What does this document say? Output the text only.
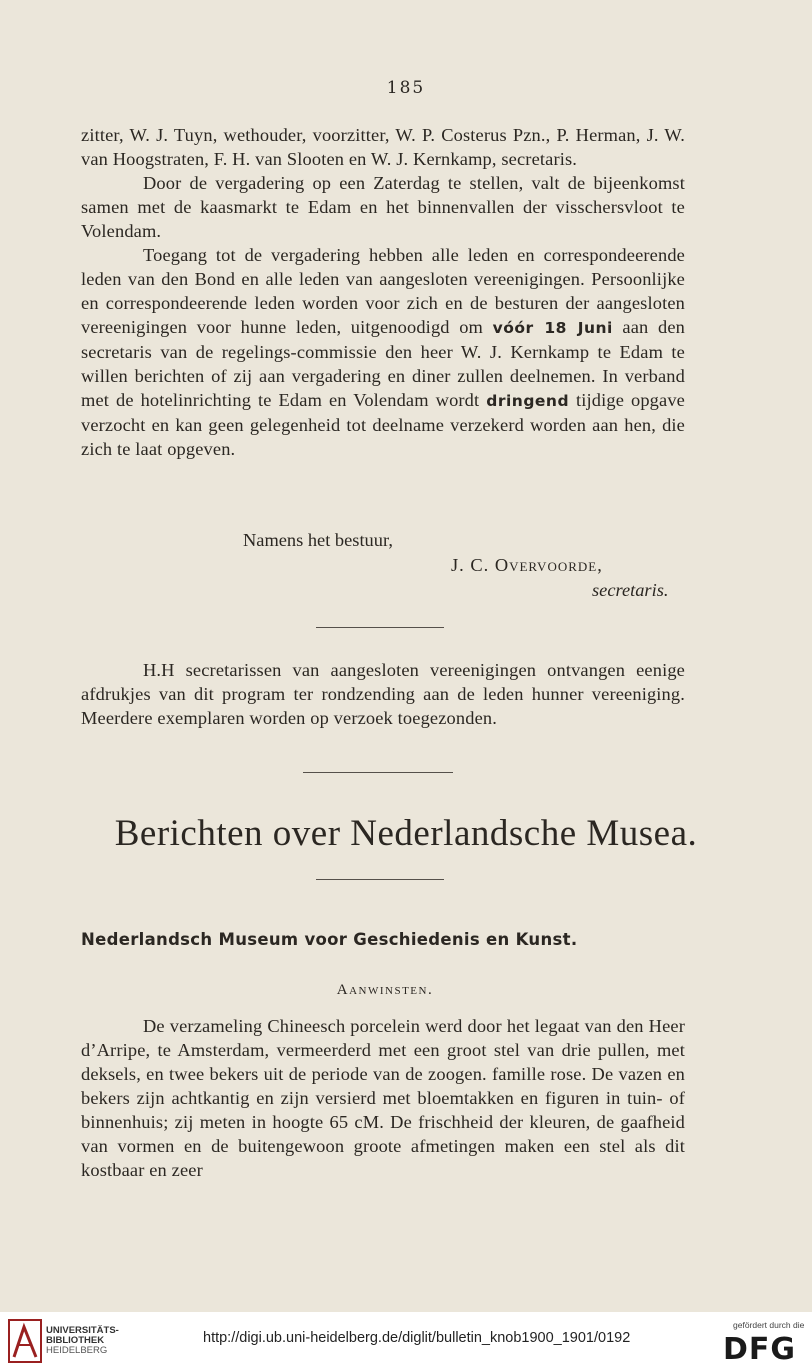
185

zitter, W. J. Tuyn, wethouder, voorzitter, W. P. Costerus Pzn., P. Herman, J. W. van Hoogstraten, F. H. van Slooten en W. J. Kernkamp, secretaris.

Door de vergadering op een Zaterdag te stellen, valt de bijeenkomst samen met de kaasmarkt te Edam en het binnenvallen der visschersvloot te Volendam.

Toegang tot de vergadering hebben alle leden en correspondeerende leden van den Bond en alle leden van aangesloten vereenigingen. Persoonlijke en correspondeerende leden worden voor zich en de besturen der aangesloten vereenigingen voor hunne leden, uitgenoodigd om vóór 18 Juni aan den secretaris van de regelings-commissie den heer W. J. Kernkamp te Edam te willen berichten of zij aan vergadering en diner zullen deelnemen. In verband met de hotelinrichting te Edam en Volendam wordt dringend tijdige opgave verzocht en kan geen gelegenheid tot deelname verzekerd worden aan hen, die zich te laat opgeven.

Namens het bestuur,
J. C. Overvoorde,
secretaris.

H.H secretarissen van aangesloten vereenigingen ontvangen eenige afdrukjes van dit program ter rondzending aan de leden hunner vereeniging. Meerdere exemplaren worden op verzoek toegezonden.

Berichten over Nederlandsche Musea.
Nederlandsch Museum voor Geschiedenis en Kunst.
Aanwinsten.

De verzameling Chineesch porcelein werd door het legaat van den Heer d’Arripe, te Amsterdam, vermeerderd met een groot stel van drie pullen, met deksels, en twee bekers uit de periode van de zoogen. famille rose. De vazen en bekers zijn achtkantig en zijn versierd met bloemtakken en figuren in tuin- of binnenhuis; zij meten in hoogte 65 cM. De frischheid der kleuren, de gaafheid van vormen en de buitengewoon groote afmetingen maken een stel als dit kostbaar en zeer

UNIVERSITÄTS-
BIBLIOTHEK
HEIDELBERG
http://digi.ub.uni-heidelberg.de/diglit/bulletin_knob1900_1901/0192
gefördert durch die
DFG
